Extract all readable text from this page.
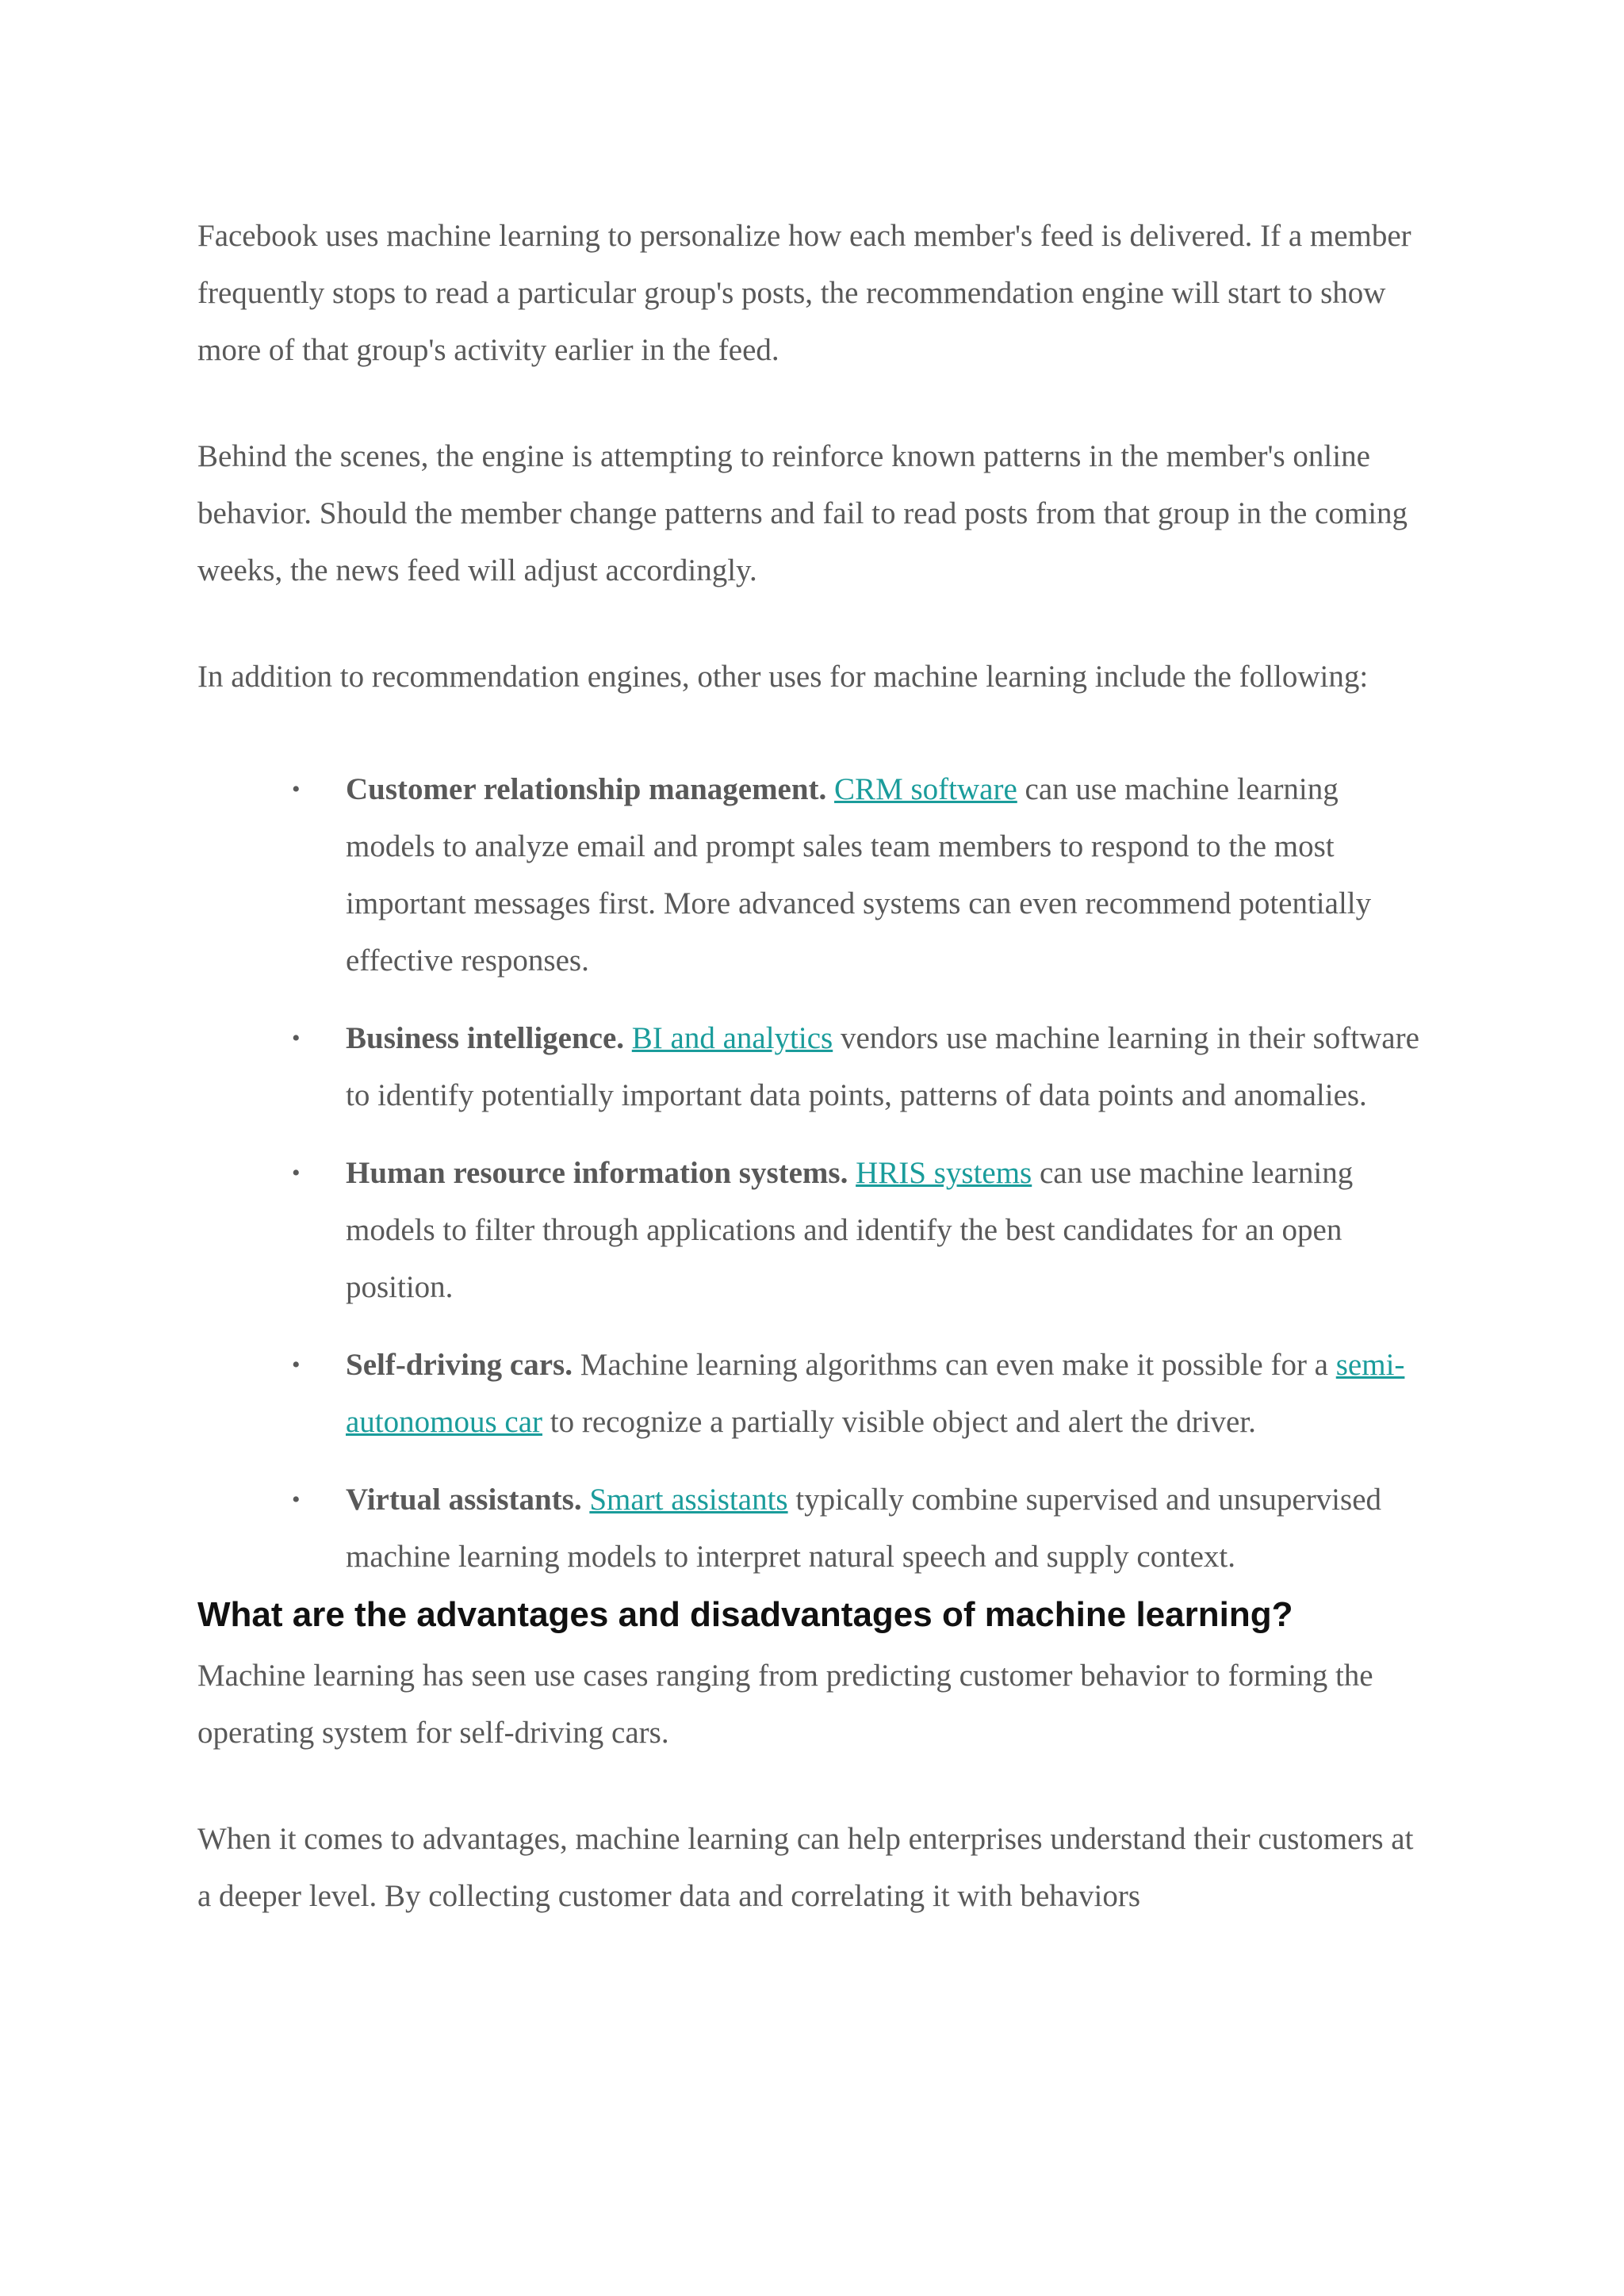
Facebook uses machine learning to personalize how each member's feed is delivered. If a member frequently stops to read a particular group's posts, the recommendation engine will start to show more of that group's activity earlier in the feed.

Behind the scenes, the engine is attempting to reinforce known patterns in the member's online behavior. Should the member change patterns and fail to read posts from that group in the coming weeks, the news feed will adjust accordingly.

In addition to recommendation engines, other uses for machine learning include the following:

• Customer relationship management. CRM software can use machine learning models to analyze email and prompt sales team members to respond to the most important messages first. More advanced systems can even recommend potentially effective responses.
• Business intelligence. BI and analytics vendors use machine learning in their software to identify potentially important data points, patterns of data points and anomalies.
• Human resource information systems. HRIS systems can use machine learning models to filter through applications and identify the best candidates for an open position.
• Self-driving cars. Machine learning algorithms can even make it possible for a semi-autonomous car to recognize a partially visible object and alert the driver.
• Virtual assistants. Smart assistants typically combine supervised and unsupervised machine learning models to interpret natural speech and supply context.
What are the advantages and disadvantages of machine learning?

Machine learning has seen use cases ranging from predicting customer behavior to forming the operating system for self-driving cars.

When it comes to advantages, machine learning can help enterprises understand their customers at a deeper level. By collecting customer data and correlating it with behaviors
